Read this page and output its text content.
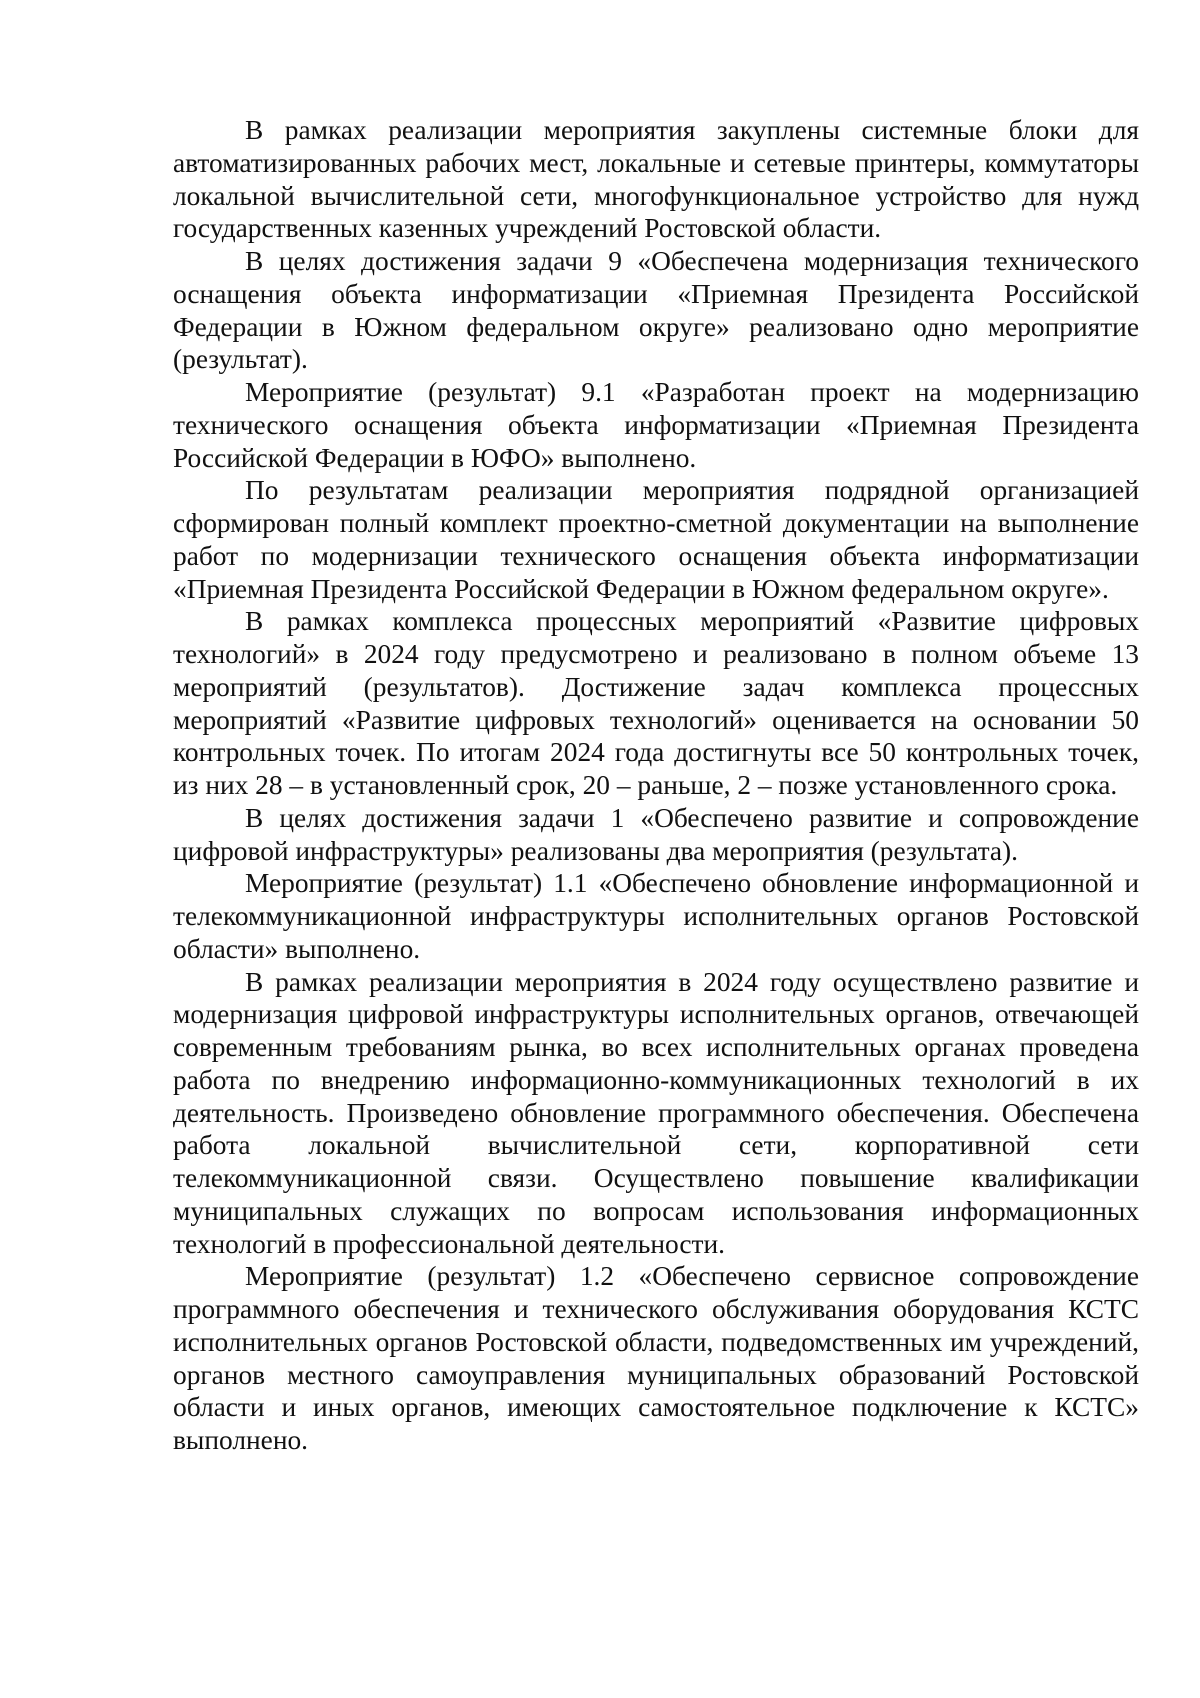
В рамках реализации мероприятия закуплены системные блоки для автоматизированных рабочих мест, локальные и сетевые принтеры, коммутаторы локальной вычислительной сети, многофункциональное устройство для нужд государственных казенных учреждений Ростовской области.

В целях достижения задачи 9 «Обеспечена модернизация технического оснащения объекта информатизации «Приемная Президента Российской Федерации в Южном федеральном округе» реализовано одно мероприятие (результат).

Мероприятие (результат) 9.1 «Разработан проект на модернизацию технического оснащения объекта информатизации «Приемная Президента Российской Федерации в ЮФО» выполнено.

По результатам реализации мероприятия подрядной организацией сформирован полный комплект проектно-сметной документации на выполнение работ по модернизации технического оснащения объекта информатизации «Приемная Президента Российской Федерации в Южном федеральном округе».

В рамках комплекса процессных мероприятий «Развитие цифровых технологий» в 2024 году предусмотрено и реализовано в полном объеме 13 мероприятий (результатов). Достижение задач комплекса процессных мероприятий «Развитие цифровых технологий» оценивается на основании 50 контрольных точек. По итогам 2024 года достигнуты все 50 контрольных точек, из них 28 – в установленный срок, 20 – раньше, 2 – позже установленного срока.

В целях достижения задачи 1 «Обеспечено развитие и сопровождение цифровой инфраструктуры» реализованы два мероприятия (результата).

Мероприятие (результат) 1.1 «Обеспечено обновление информационной и телекоммуникационной инфраструктуры исполнительных органов Ростовской области» выполнено.

В рамках реализации мероприятия в 2024 году осуществлено развитие и модернизация цифровой инфраструктуры исполнительных органов, отвечающей современным требованиям рынка, во всех исполнительных органах проведена работа по внедрению информационно-коммуникационных технологий в их деятельность. Произведено обновление программного обеспечения. Обеспечена работа локальной вычислительной сети, корпоративной сети телекоммуникационной связи. Осуществлено повышение квалификации муниципальных служащих по вопросам использования информационных технологий в профессиональной деятельности.

Мероприятие (результат) 1.2 «Обеспечено сервисное сопровождение программного обеспечения и технического обслуживания оборудования КСТС исполнительных органов Ростовской области, подведомственных им учреждений, органов местного самоуправления муниципальных образований Ростовской области и иных органов, имеющих самостоятельное подключение к КСТС» выполнено.
